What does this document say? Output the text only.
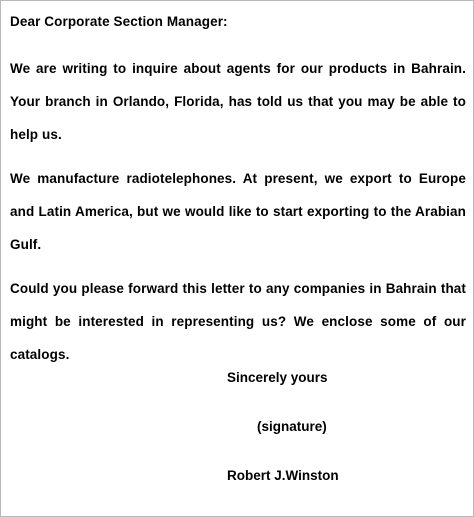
Dear Corporate Section Manager:

We are writing to inquire about agents for our products in Bahrain. Your branch in Orlando, Florida, has told us that you may be able to help us.

We manufacture radiotelephones. At present, we export to Europe and Latin America, but we would like to start exporting to the Arabian Gulf.

Could you please forward this letter to any companies in Bahrain that might be interested in representing us? We enclose some of our catalogs.

Sincerely yours
(signature)
Robert J.Winston
